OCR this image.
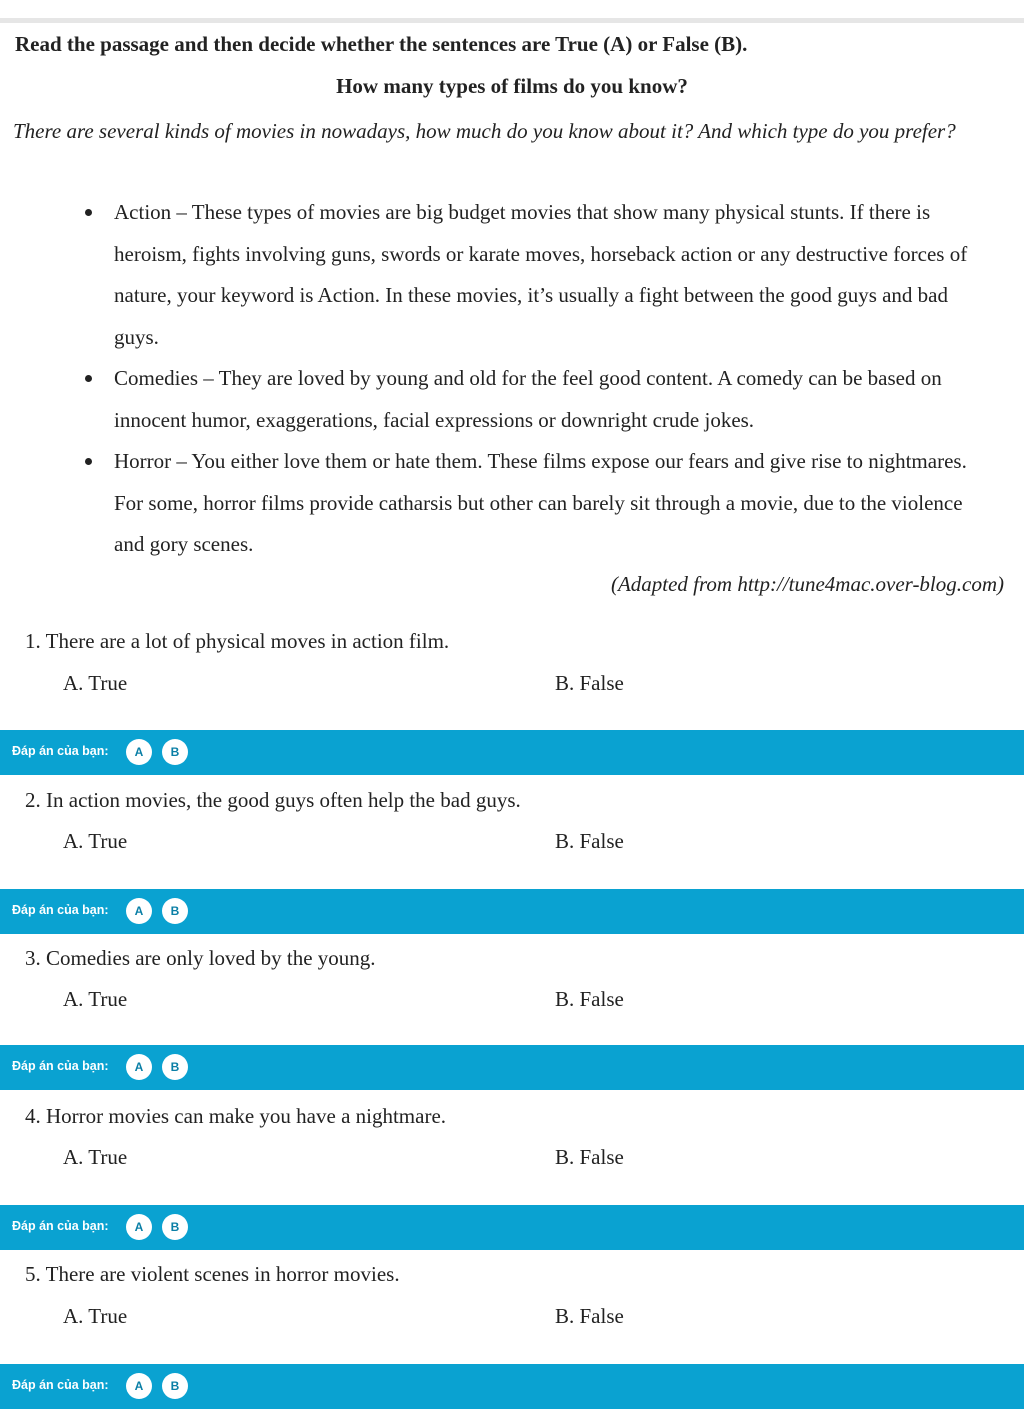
Read the passage and then decide whether the sentences are True (A) or False (B).
How many types of films do you know?

There are several kinds of movies in nowadays, how much do you know about it? And which type do you prefer?

Action – These types of movies are big budget movies that show many physical stunts. If there is heroism, fights involving guns, swords or karate moves, horseback action or any destructive forces of nature, your keyword is Action. In these movies, it’s usually a fight between the good guys and bad guys.
Comedies – They are loved by young and old for the feel good content. A comedy can be based on innocent humor, exaggerations, facial expressions or downright crude jokes.
Horror – You either love them or hate them. These films expose our fears and give rise to nightmares. For some, horror films provide catharsis but other can barely sit through a movie, due to the violence and gory scenes.
(Adapted from http://tune4mac.over-blog.com)
1. There are a lot of physical moves in action film.
A. True	B. False
Đáp án của bạn:	A	B
2. In action movies, the good guys often help the bad guys.
A. True	B. False
Đáp án của bạn:	A	B
3. Comedies are only loved by the young.
A. True	B. False
Đáp án của bạn:	A	B
4. Horror movies can make you have a nightmare.
A. True	B. False
Đáp án của bạn:	A	B
5. There are violent scenes in horror movies.
A. True	B. False
Đáp án của bạn:	A	B
